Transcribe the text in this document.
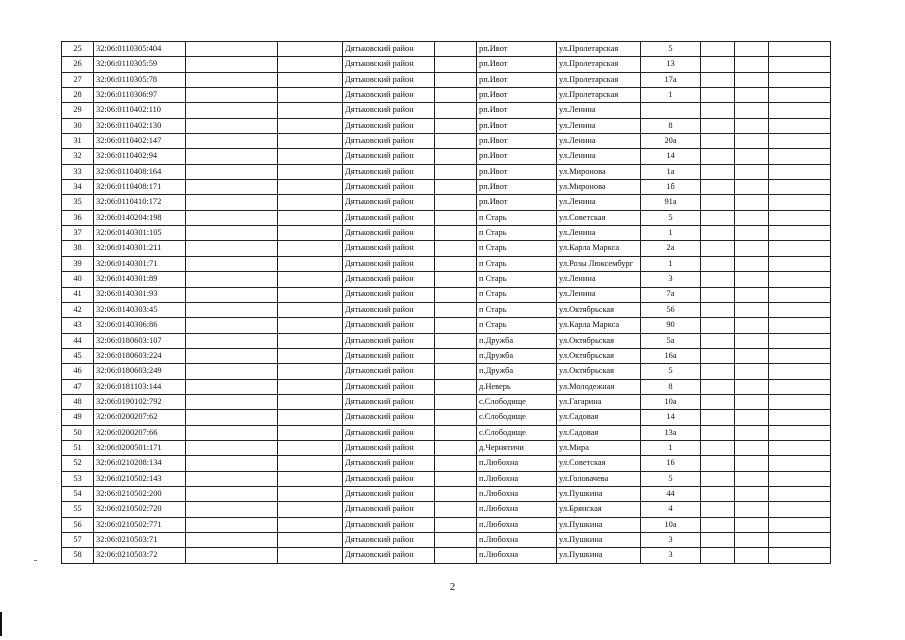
25	32:06:0110305:404			Дятьковский район		рп.Ивот	ул.Пролетарская	5			
26	32:06:0110305:59			Дятьковский район		рп.Ивот	ул.Пролетарская	13			
27	32:06:0110305:78			Дятьковский район		рп.Ивот	ул.Пролетарская	17а			
28	32:06:0110306:97			Дятьковский район		рп.Ивот	ул.Пролетарская	1			
29	32:06:0110402:110			Дятьковский район		рп.Ивот	ул.Ленина				
30	32:06:0110402:130			Дятьковский район		рп.Ивот	ул.Ленина	8			
31	32:06:0110402:147			Дятьковский район		рп.Ивот	ул.Ленина	20а			
32	32:06:0110402:94			Дятьковский район		рп.Ивот	ул.Ленина	14			
33	32:06:0110408:164			Дятьковский район		рп.Ивот	ул.Миронова	1а			
34	32:06:0110408:171			Дятьковский район		рп.Ивот	ул.Миронова	1б			
35	32:06:0110410:172			Дятьковский район		рп.Ивот	ул.Ленина	91а			
36	32:06:0140204:198			Дятьковский район		п Старь	ул.Советская	5			
37	32:06:0140301:105			Дятьковский район		п Старь	ул.Ленина	1			
38	32:06:0140301:211			Дятьковский район		п Старь	ул.Карла Маркса	2а			
39	32:06:0140301:71			Дятьковский район		п Старь	ул.Розы Люксембург	1			
40	32:06:0140301:89			Дятьковский район		п Старь	ул.Ленина	3			
41	32:06:0140301:93			Дятьковский район		п Старь	ул.Ленина	7а			
42	32:06:0140303:45			Дятьковский район		п Старь	ул.Октябрьская	56			
43	32:06:0140306:86			Дятьковский район		п Старь	ул.Карла Маркса	90			
44	32:06:0180603:107			Дятьковский район		п.Дружба	ул.Октябрьская	5а			
45	32:06:0180603:224			Дятьковский район		п.Дружба	ул.Октябрьская	16а			
46	32:06:0180603:249			Дятьковский район		п.Дружба	ул.Октябрьская	5			
47	32:06:0181103:144			Дятьковский район		д.Неверь	ул.Молодежная	8			
48	32:06:0190102:792			Дятьковский район		с.Слободище	ул.Гагарина	10а			
49	32:06:0200207:62			Дятьковский район		с.Слободище	ул.Садовая	14			
50	32:06:0200207:66			Дятьковский район		с.Слободище	ул.Садовая	13а			
51	32:06:0200501:171			Дятьковский район		д.Чернятичи	ул.Мира	1			
52	32:06:0210208:134			Дятьковский район		п.Любохна	ул.Советская	16			
53	32:06:0210502:143			Дятьковский район		п.Любохна	ул.Головачева	5			
54	32:06:0210502:200			Дятьковский район		п.Любохна	ул.Пушкина	44			
55	32:06:0210502:720			Дятьковский район		п.Любохна	ул.Брянская	4			
56	32:06:0210502:771			Дятьковский район		п.Любохна	ул.Пушкина	10а			
57	32:06:0210503:71			Дятьковский район		п.Любохна	ул.Пушкина	3			
58	32:06:0210503:72			Дятьковский район		п.Любохна	ул.Пушкина	3			
2
